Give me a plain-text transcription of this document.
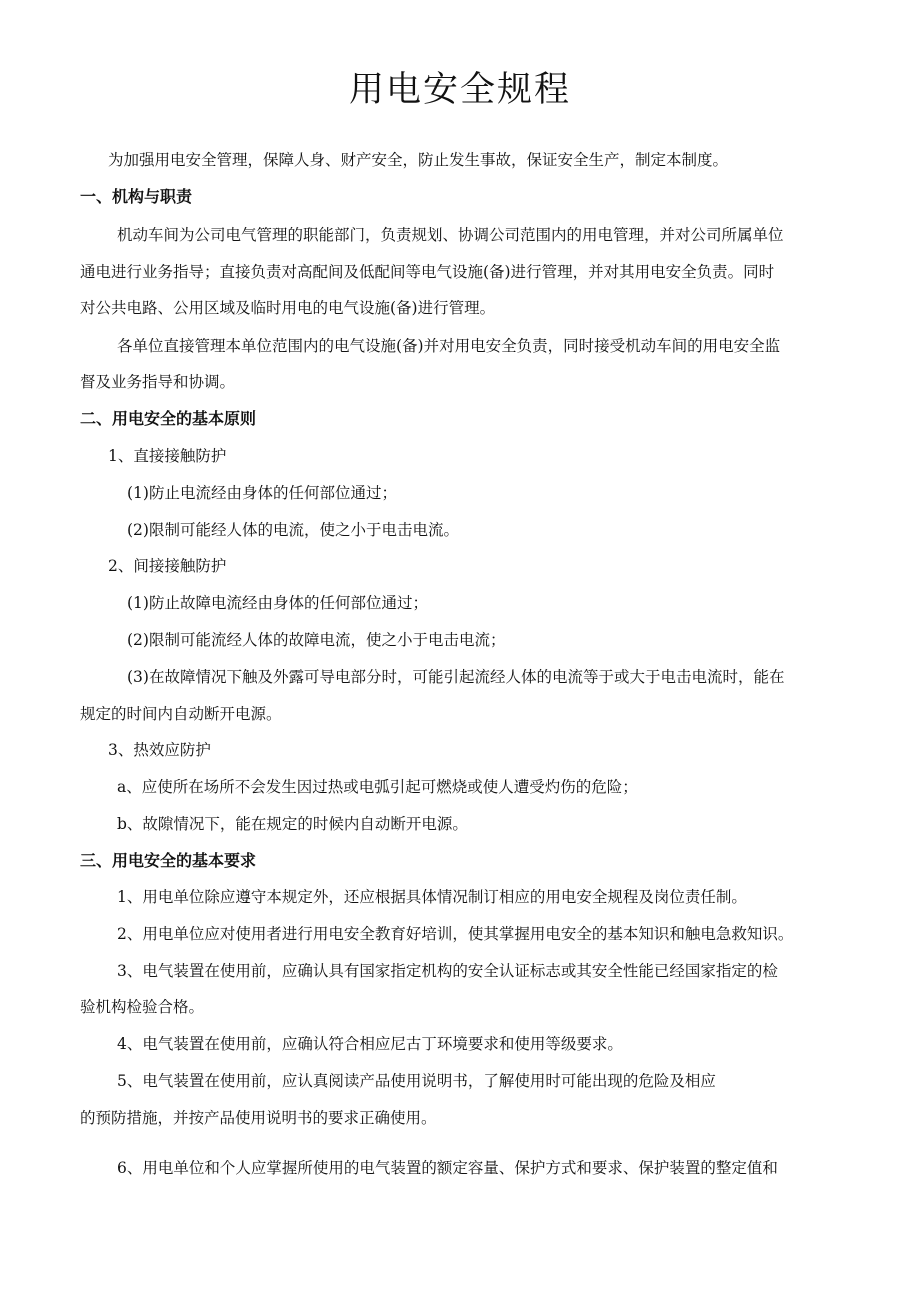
用电安全规程
为加强用电安全管理，保障人身、财产安全，防止发生事故，保证安全生产，制定本制度。
一、机构与职责
机动车间为公司电气管理的职能部门，负责规划、协调公司范围内的用电管理，并对公司所属单位
通电进行业务指导；直接负责对高配间及低配间等电气设施(备)进行管理，并对其用电安全负责。同时
对公共电路、公用区域及临时用电的电气设施(备)进行管理。
各单位直接管理本单位范围内的电气设施(备)并对用电安全负责，同时接受机动车间的用电安全监
督及业务指导和协调。
二、用电安全的基本原则
1、直接接触防护
(1)防止电流经由身体的任何部位通过；
(2)限制可能经人体的电流，使之小于电击电流。
2、间接接触防护
(1)防止故障电流经由身体的任何部位通过；
(2)限制可能流经人体的故障电流，使之小于电击电流；
(3)在故障情况下触及外露可导电部分时，可能引起流经人体的电流等于或大于电击电流时，能在
规定的时间内自动断开电源。
3、热效应防护
a、应使所在场所不会发生因过热或电弧引起可燃烧或使人遭受灼伤的危险；
b、故隙情况下，能在规定的时候内自动断开电源。
三、用电安全的基本要求
1、用电单位除应遵守本规定外，还应根据具体情况制订相应的用电安全规程及岗位责任制。
2、用电单位应对使用者进行用电安全教育好培训，使其掌握用电安全的基本知识和触电急救知识。
3、电气装置在使用前，应确认具有国家指定机构的安全认证标志或其安全性能已经国家指定的检
验机构检验合格。
4、电气装置在使用前，应确认符合相应尼古丁环境要求和使用等级要求。
5、电气装置在使用前，应认真阅读产品使用说明书，了解使用时可能出现的危险及相应
的预防措施，并按产品使用说明书的要求正确使用。
6、用电单位和个人应掌握所使用的电气装置的额定容量、保护方式和要求、保护装置的整定值和
